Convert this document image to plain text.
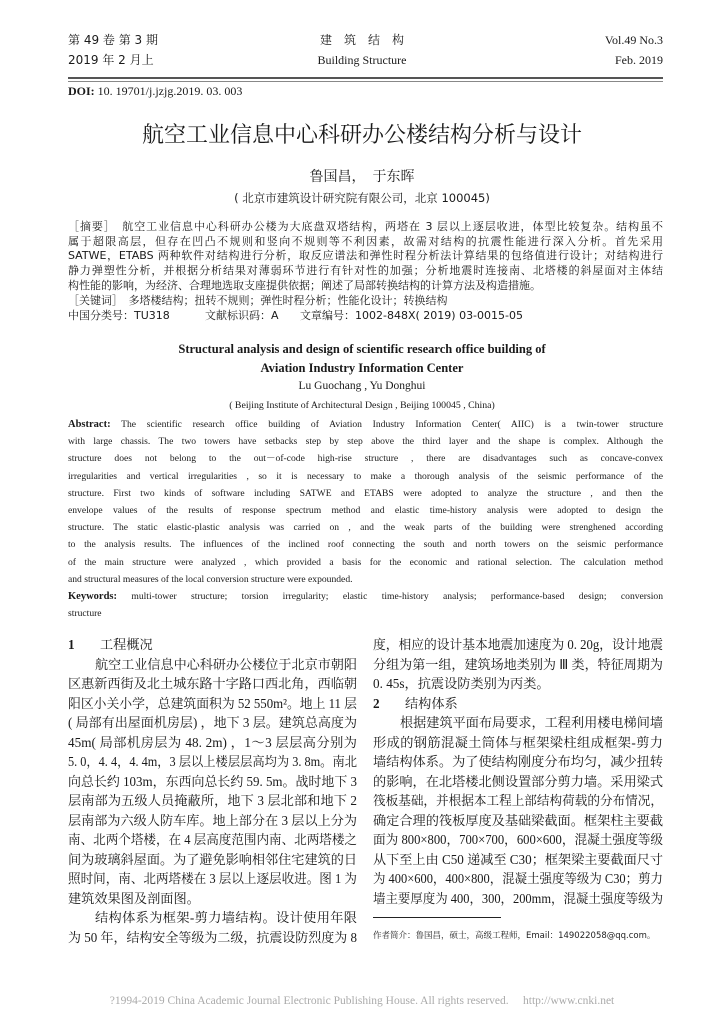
第 49 卷 第 3 期
2019 年 2 月上
建　筑　结　构
Building Structure
Vol.49 No.3
Feb. 2019
DOI: 10. 19701/j.jzjg.2019. 03. 003
航空工业信息中心科研办公楼结构分析与设计
鲁国昌，　于东晖
( 北京市建筑设计研究院有限公司，北京 100045)
［摘要］　航空工业信息中心科研办公楼为大底盘双塔结构，两塔在 3 层以上逐层收进，体型比较复杂。结构虽不
属于超限高层，但存在凹凸不规则和竖向不规则等不利因素，故需对结构的抗震性能进行深入分析。首先采用
SATWE，ETABS 两种软件对结构进行分析，取反应谱法和弹性时程分析法计算结果的包络值进行设计；对结构进行
静力弹塑性分析，并根据分析结果对薄弱环节进行有针对性的加强；分析地震时连接南、北塔楼的斜屋面对主体结
构性能的影响，为经济、合理地选取支座提供依据；阐述了局部转换结构的计算方法及构造措施。
［关键词］　多塔楼结构；扭转不规则；弹性时程分析；性能化设计；转换结构
中国分类号：TU318	文献标识码：A 文章编号：1002-848X( 2019) 03-0015-05
Structural analysis and design of scientific research office building of
Aviation Industry Information Center
Lu Guochang , Yu Donghui
( Beijing Institute of Architectural Design , Beijing 100045 , China)
Abstract: The scientific research office building of Aviation Industry Information Center( AIIC) is a twin-tower structure
with large chassis. The two towers have setbacks step by step above the third layer and the shape is complex. Although the
structure does not belong to the out－of-code high-rise structure , there are disadvantages such as concave-convex
irregularities and vertical irregularities , so it is necessary to make a thorough analysis of the seismic performance of the
structure. First two kinds of software including SATWE and ETABS were adopted to analyze the structure , and then the
envelope values of the results of response spectrum method and elastic time-history analysis were adopted to design the
structure. The static elastic-plastic analysis was carried on , and the weak parts of the building were strenghened according
to the analysis results. The influences of the inclined roof connecting the south and north towers on the seismic performance
of the main structure were analyzed , which provided a basis for the economic and rational selection. The calculation method
and structural measures of the local conversion structure were expounded.
Keywords: multi-tower structure; torsion irregularity; elastic time-history analysis; performance-based design; conversion
structure
1 工程概况
航空工业信息中心科研办公楼位于北京市朝阳
区惠新西街及北土城东路十字路口西北角，西临朝
阳区小关小学，总建筑面积为 52 550m²。地上 11 层
( 局部有出屋面机房层) ，地下 3 层。建筑总高度为
45m( 局部机房层为 48. 2m) ，1～3 层层高分别为
5. 0，4. 4，4. 4m，3 层以上楼层层高均为 3. 8m。南北
向总长约 103m，东西向总长约 59. 5m。战时地下 3
层南部为五级人员掩蔽所，地下 3 层北部和地下 2
层南部为六级人防车库。地上部分在 3 层以上分为
南、北两个塔楼，在 4 层高度范围内南、北两塔楼之
间为玻璃斜屋面。为了避免影响相邻住宅建筑的日
照时间，南、北两塔楼在 3 层以上逐层收进。图 1 为
建筑效果图及剖面图。
结构体系为框架-剪力墙结构。设计使用年限
为 50 年，结构安全等级为二级，抗震设防烈度为 8
度，相应的设计基本地震加速度为 0. 20g，设计地震
分组为第一组，建筑场地类别为 Ⅲ 类，特征周期为
0. 45s，抗震设防类别为丙类。
2 结构体系
根据建筑平面布局要求，工程利用楼电梯间墙
形成的钢筋混凝土筒体与框架梁柱组成框架-剪力
墙结构体系。为了使结构刚度分布均匀，减少扭转
的影响，在北塔楼北侧设置部分剪力墙。采用梁式
筏板基础，并根据本工程上部结构荷载的分布情况，
确定合理的筏板厚度及基础梁截面。框架柱主要截
面为 800×800，700×700，600×600，混凝土强度等级
从下至上由 C50 递减至 C30；框架梁主要截面尺寸
为 400×600，400×800，混凝土强度等级为 C30；剪力
墙主要厚度为 400，300，200mm，混凝土强度等级为
作者简介：鲁国昌，硕士，高级工程师，Email：149022058@qq.com。
?1994-2019 China Academic Journal Electronic Publishing House. All rights reserved.　 http://www.cnki.net
